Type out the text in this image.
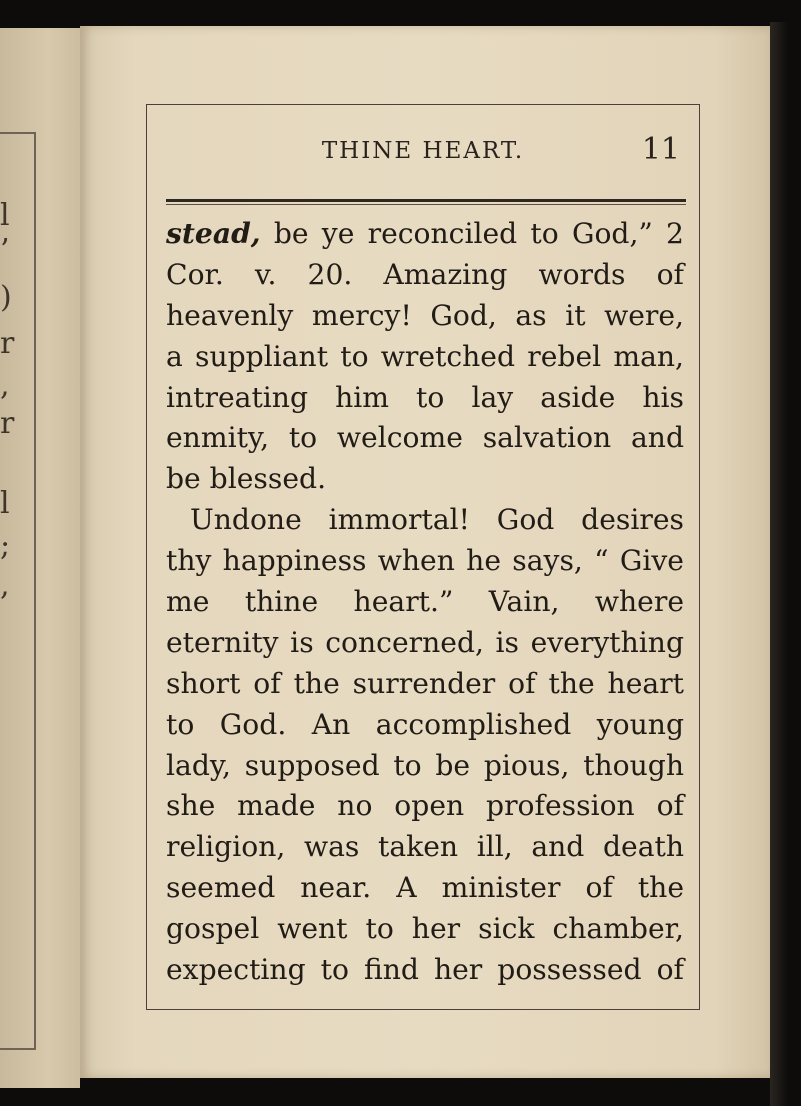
l
’
)
r
,
r
l
;
,
THINE HEART.	11
stead, be ye reconciled to God,” 2
Cor. v. 20. Amazing words of
heavenly mercy! God, as it were,
a suppliant to wretched rebel man,
intreating him to lay aside his
enmity, to welcome salvation and
be blessed.
Undone immortal! God desires
thy happiness when he says, “ Give
me thine heart.” Vain, where
eternity is concerned, is everything
short of the surrender of the heart
to God. An accomplished young
lady, supposed to be pious, though
she made no open profession of
religion, was taken ill, and death
seemed near. A minister of the
gospel went to her sick chamber,
expecting to find her possessed of
